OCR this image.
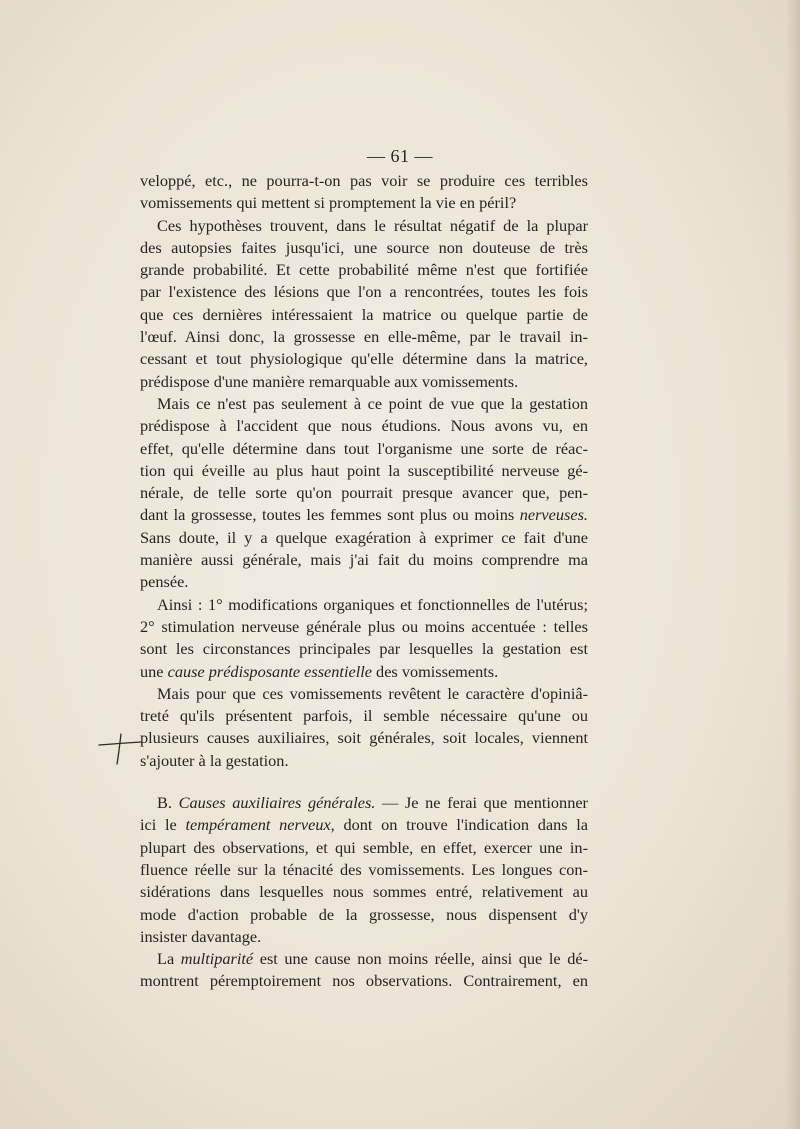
— 61 —
veloppé, etc., ne pourra-t-on pas voir se produire ces terribles
vomissements qui mettent si promptement la vie en péril?
Ces hypothèses trouvent, dans le résultat négatif de la plupar
des autopsies faites jusqu'ici, une source non douteuse de très
grande probabilité. Et cette probabilité même n'est que fortifiée
par l'existence des lésions que l'on a rencontrées, toutes les fois
que ces dernières intéressaient la matrice ou quelque partie de
l'œuf. Ainsi donc, la grossesse en elle-même, par le travail in-
cessant et tout physiologique qu'elle détermine dans la matrice,
prédispose d'une manière remarquable aux vomissements.
Mais ce n'est pas seulement à ce point de vue que la gestation
prédispose à l'accident que nous étudions. Nous avons vu, en
effet, qu'elle détermine dans tout l'organisme une sorte de réac-
tion qui éveille au plus haut point la susceptibilité nerveuse gé-
nérale, de telle sorte qu'on pourrait presque avancer que, pen-
dant la grossesse, toutes les femmes sont plus ou moins nerveuses.
Sans doute, il y a quelque exagération à exprimer ce fait d'une
manière aussi générale, mais j'ai fait du moins comprendre ma
pensée.
Ainsi : 1° modifications organiques et fonctionnelles de l'utérus;
2° stimulation nerveuse générale plus ou moins accentuée : telles
sont les circonstances principales par lesquelles la gestation est
une cause prédisposante essentielle des vomissements.
Mais pour que ces vomissements revêtent le caractère d'opiniâ-
treté qu'ils présentent parfois, il semble nécessaire qu'une ou
plusieurs causes auxiliaires, soit générales, soit locales, viennent
s'ajouter à la gestation.
B. Causes auxiliaires générales. — Je ne ferai que mentionner
ici le tempérament nerveux, dont on trouve l'indication dans la
plupart des observations, et qui semble, en effet, exercer une in-
fluence réelle sur la ténacité des vomissements. Les longues con-
sidérations dans lesquelles nous sommes entré, relativement au
mode d'action probable de la grossesse, nous dispensent d'y
insister davantage.
La multiparité est une cause non moins réelle, ainsi que le dé-
montrent péremptoirement nos observations. Contrairement, en
